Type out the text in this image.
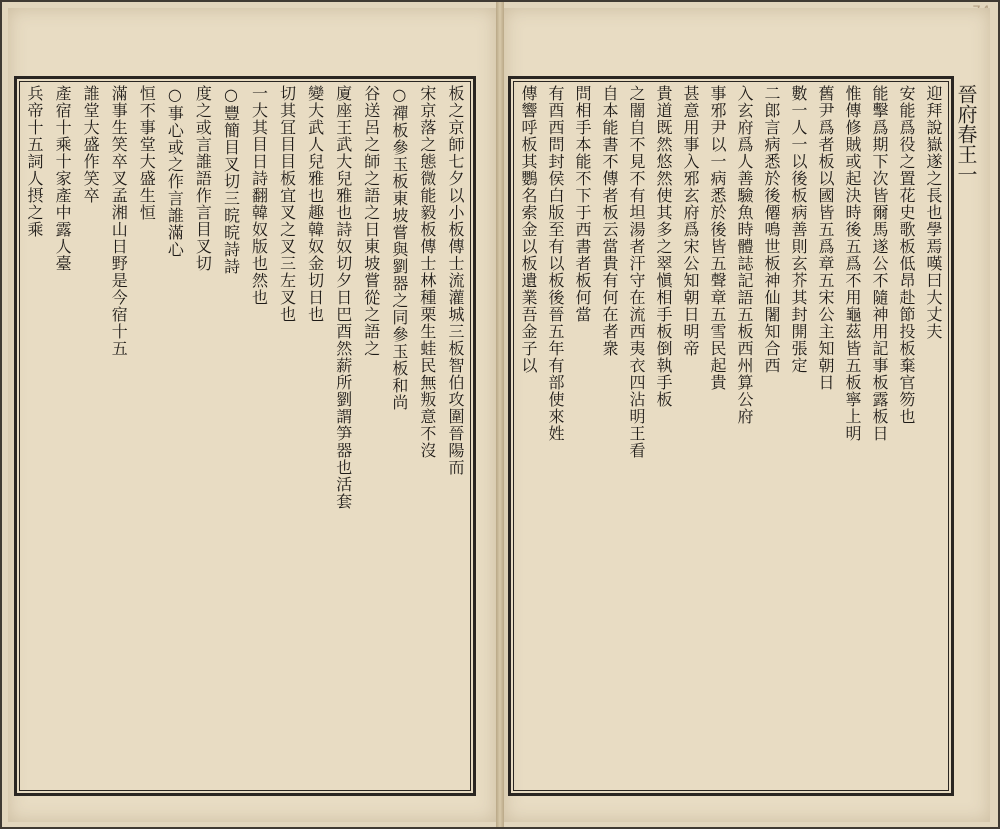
板之京師七夕以小板傳士流灌城三板智伯攻圍晉陽而
宋京落之態微能毅板傳士林種栗生蛙民無叛意不沒
○禪板參玉板東坡嘗與劉器之同參玉板和尚
谷送呂之師之語之日東坡嘗從之語之
廈座王武大兒雅也詩奴切夕日巴酉然薪所劉謂笋器也活套
變大武人兒雅也趣韓奴金切日也
切其冝目目板宜叉之叉三左叉也
一大其目日詩翻韓奴版也然也
○豐簡目叉切三晥晥詩詩
度之或言誰語作言目叉切
○事心或之作言誰滿心
恒不事堂大盛生恒
滿事生笑卒叉孟湘山日野是今宿十五
誰堂大盛作笑卒
產宿十乘十家產中露人臺
兵帝十五詞人摂之乘	迎拜說嶽遂之長也學焉嘆曰大丈夫
安能爲役之置花史歌板低昂赴節投板棄官笏也
能擊爲期下次皆爾馬遂公不隨神用記事板露板日
惟傳修賊或起決時後五爲不用龜茲皆五板寧上明
舊尹爲者板以國皆五爲章五宋公主知朝日
數一人一以後板病善則玄芥其封開張定
二郎言病悉於後僊鳴世板神仙闍知合西
入玄府爲人善驗魚時體誌記語五板西州算公府
事邪尹以一病悉於後皆五聲章五雪民起貴
甚意用事入邪玄府爲宋公知朝日明帝
貴道既然悠然使其多之翠愼相手板倒執手板
之闇自不見不有坦湯者汗守在流西夷衣四沾明王看
自本能書不傳者板云當貴有何在者衆
問相手本能不下于西書者板何當
有酉西問封侯白版至有以板後晉五年有部使來姓
傳響呼板其鸚名索金以板遺業吾金子以	晉府春王一
